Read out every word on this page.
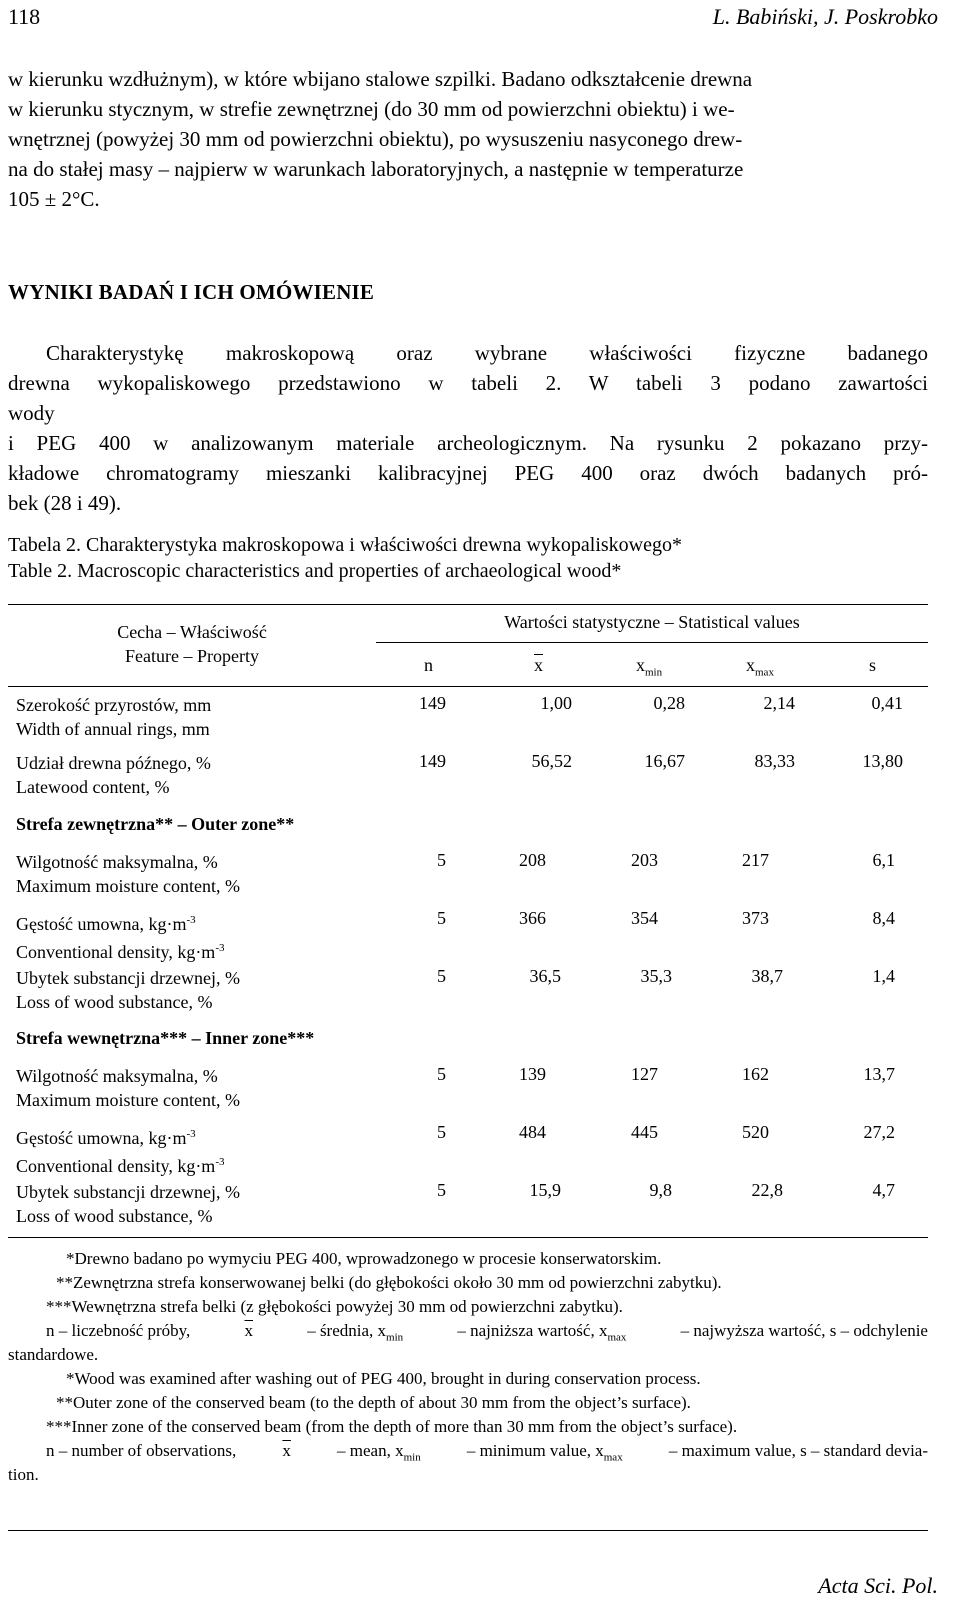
118	L. Babiński, J. Poskrobko
w kierunku wzdłużnym), w które wbijano stalowe szpilki. Badano odkształcenie drewna
w kierunku stycznym, w strefie zewnętrznej (do 30 mm od powierzchni obiektu) i we-
wnętrznej (powyżej 30 mm od powierzchni obiektu), po wysuszeniu nasyconego drew-
na do stałej masy – najpierw w warunkach laboratoryjnych, a następnie w temperaturze
105 ± 2°C.
WYNIKI BADAŃ I ICH OMÓWIENIE
Charakterystykę makroskopową oraz wybrane właściwości fizyczne badanego
drewna wykopaliskowego przedstawiono w tabeli 2. W tabeli 3 podano zawartości
wody
i PEG 400 w analizowanym materiale archeologicznym. Na rysunku 2 pokazano przy-
kładowe chromatogramy mieszanki kalibracyjnej PEG 400 oraz dwóch badanych pró-
bek (28 i 49).
Tabela 2. Charakterystyka makroskopowa i właściwości drewna wykopaliskowego*
Table 2. Macroscopic characteristics and properties of archaeological wood*
Cecha – Właściwość
Feature – Property
Wartości statystyczne – Statistical values
n	$\overline{x}$	$x_{min}$	$x_{max}$	s
Szerokość przyrostów, mm
Width of annual rings, mm
149	1,00	0,28	2,14	0,41
Udział drewna późnego, %
Latewood content, %
149	56,52	16,67	83,33	13,80
Strefa zewnętrzna** – Outer zone**
Wilgotność maksymalna, %
Maximum moisture content, %
5	208	203	217	6,1
Gęstość umowna, $kg\cdot m^{-3}$
Conventional density, $kg\cdot m^{-3}$
5	366	354	373	8,4
Ubytek substancji drzewnej, %
Loss of wood substance, %
5	36,5	35,3	38,7	1,4
Strefa wewnętrzna*** – Inner zone***
Wilgotność maksymalna, %
Maximum moisture content, %
5	139	127	162	13,7
Gęstość umowna, $kg\cdot m^{-3}$
Conventional density, $kg\cdot m^{-3}$
5	484	445	520	27,2
Ubytek substancji drzewnej, %
Loss of wood substance, %
5	15,9	9,8	22,8	4,7
*Drewno badano po wymyciu PEG 400, wprowadzonego w procesie konserwatorskim.
**Zewnętrzna strefa konserwowanej belki (do głębokości około 30 mm od powierzchni zabytku).
***Wewnętrzna strefa belki (z głębokości powyżej 30 mm od powierzchni zabytku).
n – liczebność próby,	$\overline{x}$	– średnia, $x_{min}$	– najniższa wartość, $x_{max}$	– najwyższa wartość, s – odchylenie
standardowe.
*Wood was examined after washing out of PEG 400, brought in during conservation process.
**Outer zone of the conserved beam (to the depth of about 30 mm from the object’s surface).
***Inner zone of the conserved beam (from the depth of more than 30 mm from the object’s surface).
n – number of observations,	$\overline{x}$	– mean, $x_{min}$	– minimum value, $x_{max}$	– maximum value, s – standard devia-
tion.
Acta Sci. Pol.
